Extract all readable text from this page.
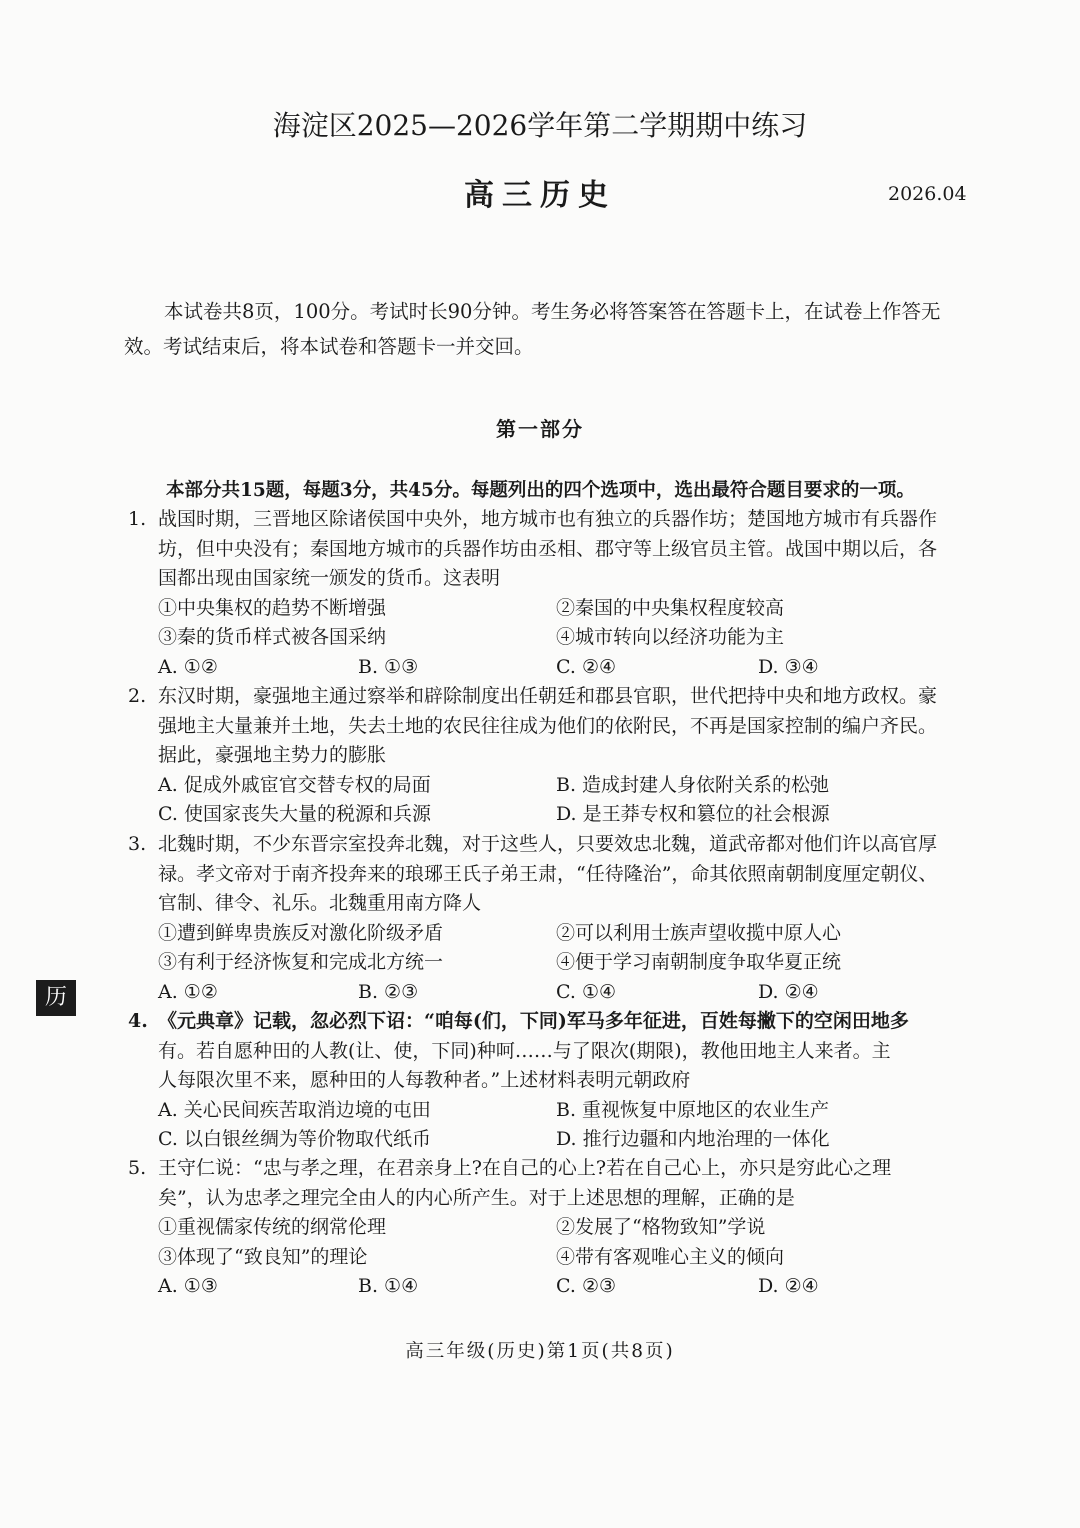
海淀区2025—2026学年第二学期期中练习
高三历史	2026.04
本试卷共8页，100分。考试时长90分钟。考生务必将答案答在答题卡上，在试卷上作答无
效。考试结束后，将本试卷和答题卡一并交回。
第一部分
本部分共15题，每题3分，共45分。每题列出的四个选项中，选出最符合题目要求的一项。
1. 战国时期，三晋地区除诸侯国中央外，地方城市也有独立的兵器作坊；楚国地方城市有兵器作
坊，但中央没有；秦国地方城市的兵器作坊由丞相、郡守等上级官员主管。战国中期以后，各
国都出现由国家统一颁发的货币。这表明
①中央集权的趋势不断增强	②秦国的中央集权程度较高
③秦的货币样式被各国采纳	④城市转向以经济功能为主
A. ①②	B. ①③	C. ②④	D. ③④
2. 东汉时期，豪强地主通过察举和辟除制度出任朝廷和郡县官职，世代把持中央和地方政权。豪
强地主大量兼并土地，失去土地的农民往往成为他们的依附民，不再是国家控制的编户齐民。
据此，豪强地主势力的膨胀
A. 促成外戚宦官交替专权的局面	B. 造成封建人身依附关系的松弛
C. 使国家丧失大量的税源和兵源	D. 是王莽专权和篡位的社会根源
3. 北魏时期，不少东晋宗室投奔北魏，对于这些人，只要效忠北魏，道武帝都对他们许以高官厚
禄。孝文帝对于南齐投奔来的琅琊王氏子弟王肃，“任待隆治”，命其依照南朝制度厘定朝仪、
官制、律令、礼乐。北魏重用南方降人
①遭到鲜卑贵族反对激化阶级矛盾	②可以利用士族声望收揽中原人心
③有利于经济恢复和完成北方统一	④便于学习南朝制度争取华夏正统
A. ①②	B. ②③	C. ①④	D. ②④
4. 《元典章》记载，忽必烈下诏：“咱每(们，下同)军马多年征进，百姓每撇下的空闲田地多
有。若自愿种田的人教(让、使，下同)种呵……与了限次(期限)，教他田地主人来者。主
人每限次里不来，愿种田的人每教种者。”上述材料表明元朝政府
A. 关心民间疾苦取消边境的屯田	B. 重视恢复中原地区的农业生产
C. 以白银丝绸为等价物取代纸币	D. 推行边疆和内地治理的一体化
5. 王守仁说：“忠与孝之理，在君亲身上?在自己的心上?若在自己心上，亦只是穷此心之理
矣”，认为忠孝之理完全由人的内心所产生。对于上述思想的理解，正确的是
①重视儒家传统的纲常伦理	②发展了“格物致知”学说
③体现了“致良知”的理论	④带有客观唯心主义的倾向
A. ①③	B. ①④	C. ②③	D. ②④
历
高三年级(历史)第1页(共8页)
